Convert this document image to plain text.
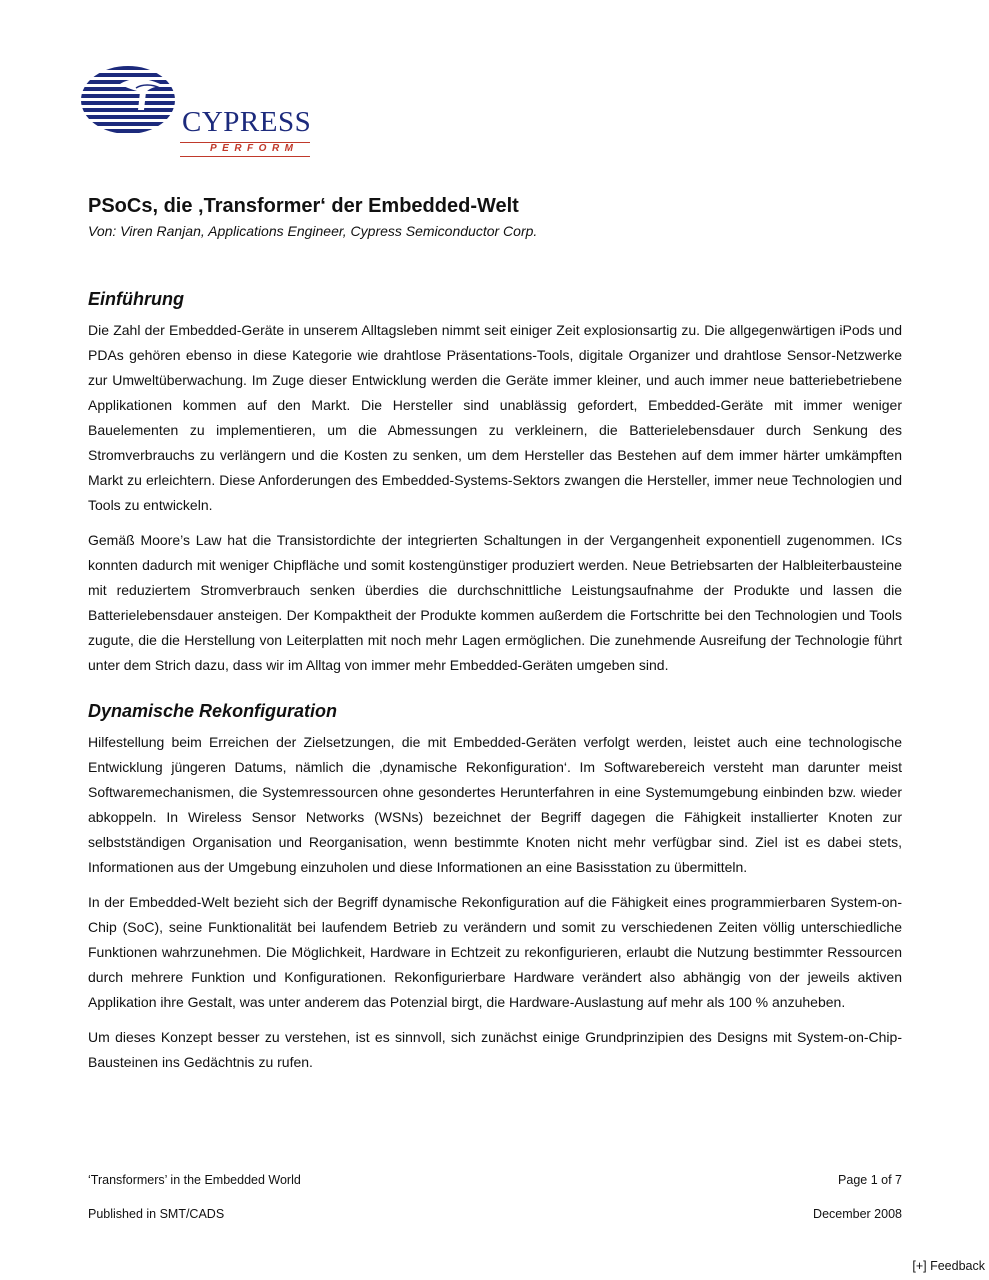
CYPRESS
PERFORM
PSoCs, die ‚Transformer‘ der Embedded-Welt
Von: Viren Ranjan, Applications Engineer, Cypress Semiconductor Corp.
Einführung

Die Zahl der Embedded-Geräte in unserem Alltagsleben nimmt seit einiger Zeit explosionsartig zu. Die allgegenwärtigen iPods und PDAs gehören ebenso in diese Kategorie wie drahtlose Präsentations-Tools, digitale Organizer und drahtlose Sensor-Netzwerke zur Umweltüberwachung. Im Zuge dieser Entwicklung werden die Geräte immer kleiner, und auch immer neue batteriebetriebene Applikationen kommen auf den Markt. Die Hersteller sind unablässig gefordert, Embedded-Geräte mit immer weniger Bauelementen zu implementieren, um die Abmessungen zu verkleinern, die Batterielebensdauer durch Senkung des Stromverbrauchs zu verlängern und die Kosten zu senken, um dem Hersteller das Bestehen auf dem immer härter umkämpften Markt zu erleichtern. Diese Anforderungen des Embedded-Systems-Sektors zwangen die Hersteller, immer neue Technologien und Tools zu entwickeln.

Gemäß Moore’s Law hat die Transistordichte der integrierten Schaltungen in der Vergangenheit exponentiell zugenommen. ICs konnten dadurch mit weniger Chipfläche und somit kostengünstiger produziert werden. Neue Betriebsarten der Halbleiterbausteine mit reduziertem Stromverbrauch senken überdies die durchschnittliche Leistungsaufnahme der Produkte und lassen die Batterielebensdauer ansteigen. Der Kompaktheit der Produkte kommen außerdem die Fortschritte bei den Technologien und Tools zugute, die die Herstellung von Leiterplatten mit noch mehr Lagen ermöglichen. Die zunehmende Ausreifung der Technologie führt unter dem Strich dazu, dass wir im Alltag von immer mehr Embedded-Geräten umgeben sind.

Dynamische Rekonfiguration

Hilfestellung beim Erreichen der Zielsetzungen, die mit Embedded-Geräten verfolgt werden, leistet auch eine technologische Entwicklung jüngeren Datums, nämlich die ‚dynamische Rekonfiguration‘. Im Softwarebereich versteht man darunter meist Softwaremechanismen, die Systemressourcen ohne gesondertes Herunterfahren in eine Systemumgebung einbinden bzw. wieder abkoppeln. In Wireless Sensor Networks (WSNs) bezeichnet der Begriff dagegen die Fähigkeit installierter Knoten zur selbstständigen Organisation und Reorganisation, wenn bestimmte Knoten nicht mehr verfügbar sind. Ziel ist es dabei stets, Informationen aus der Umgebung einzuholen und diese Informationen an eine Basisstation zu übermitteln.

In der Embedded-Welt bezieht sich der Begriff dynamische Rekonfiguration auf die Fähigkeit eines programmierbaren System-on-Chip (SoC), seine Funktionalität bei laufendem Betrieb zu verändern und somit zu verschiedenen Zeiten völlig unterschiedliche Funktionen wahrzunehmen. Die Möglichkeit, Hardware in Echtzeit zu rekonfigurieren, erlaubt die Nutzung bestimmter Ressourcen durch mehrere Funktion und Konfigurationen. Rekonfigurierbare Hardware verändert also abhängig von der jeweils aktiven Applikation ihre Gestalt, was unter anderem das Potenzial birgt, die Hardware-Auslastung auf mehr als 100 % anzuheben.

Um dieses Konzept besser zu verstehen, ist es sinnvoll, sich zunächst einige Grundprinzipien des Designs mit System-on-Chip-Bausteinen ins Gedächtnis zu rufen.

‘Transformers’ in the Embedded World	Page 1 of 7
Published in SMT/CADS	December 2008
[+] Feedback
